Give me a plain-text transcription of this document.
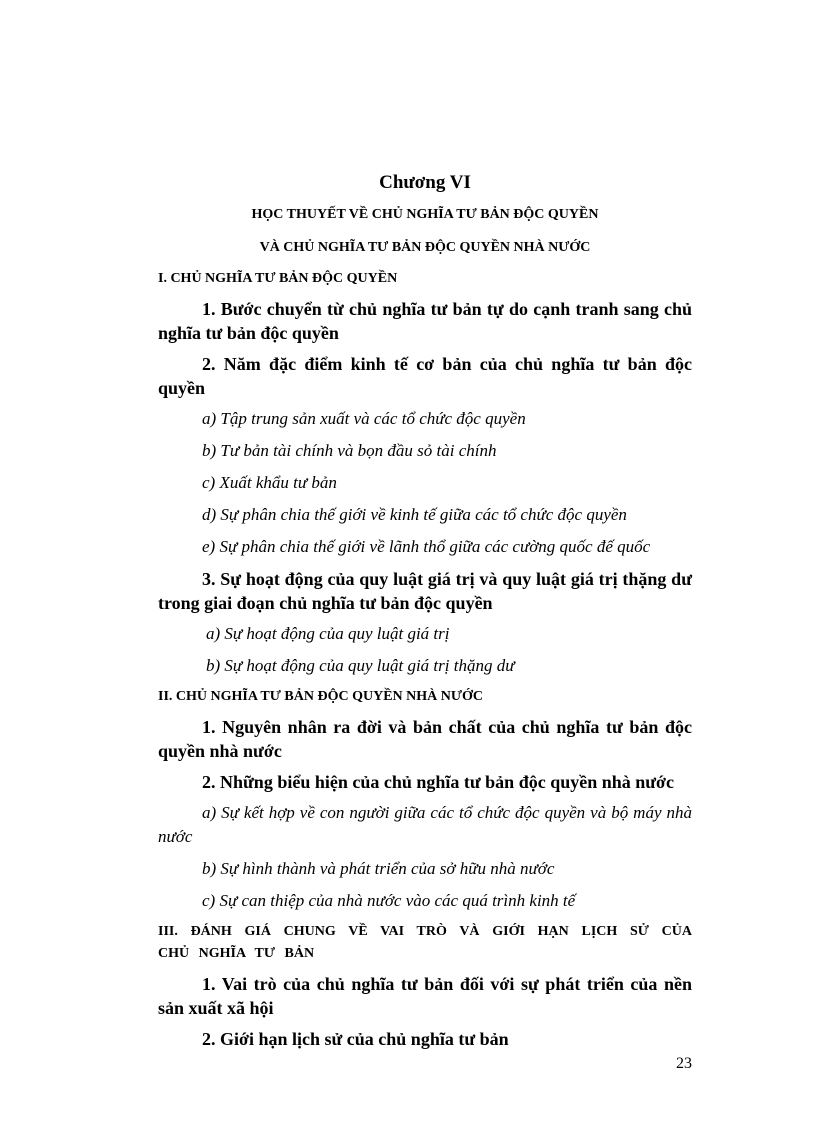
Chương VI
HỌC THUYẾT VỀ CHỦ NGHĨA TƯ BẢN ĐỘC QUYỀN
VÀ CHỦ NGHĨA TƯ BẢN ĐỘC QUYỀN NHÀ NƯỚC
I. CHỦ NGHĨA TƯ BẢN ĐỘC QUYỀN
1. Bước chuyển từ chủ nghĩa tư bản tự do cạnh tranh sang chủ nghĩa tư bản độc quyền
2. Năm đặc điểm kinh tế cơ bản của chủ nghĩa tư bản độc quyền
a) Tập trung sản xuất và các tổ chức độc quyền
b) Tư bản tài chính và bọn đầu sỏ tài chính
c) Xuất khẩu tư bản
d) Sự phân chia thế giới về kinh tế giữa các tổ chức độc quyền
e) Sự phân chia thế giới về lãnh thổ giữa các cường quốc đế quốc
3. Sự hoạt động của quy luật giá trị và quy luật giá trị thặng dư trong giai đoạn chủ nghĩa tư bản độc quyền
a) Sự hoạt động của quy luật giá trị
b) Sự hoạt động của quy luật giá trị thặng dư
II. CHỦ NGHĨA TƯ BẢN ĐỘC QUYỀN NHÀ NƯỚC
1. Nguyên nhân ra đời và bản chất của chủ nghĩa tư bản độc quyền nhà nước
2. Những biểu hiện của chủ nghĩa tư bản độc quyền nhà nước
a) Sự kết hợp về con người giữa các tổ chức độc quyền và bộ máy nhà nước
b) Sự hình thành và phát triển của sở hữu nhà nước
c) Sự can thiệp của nhà nước vào các quá trình kinh tế
III. ĐÁNH GIÁ CHUNG VỀ VAI TRÒ VÀ GIỚI HẠN LỊCH SỬ CỦA CHỦ NGHĨA TƯ BẢN
1. Vai trò của chủ nghĩa tư bản đối với sự phát triển của nền sản xuất xã hội
2. Giới hạn lịch sử của chủ nghĩa tư bản
23
